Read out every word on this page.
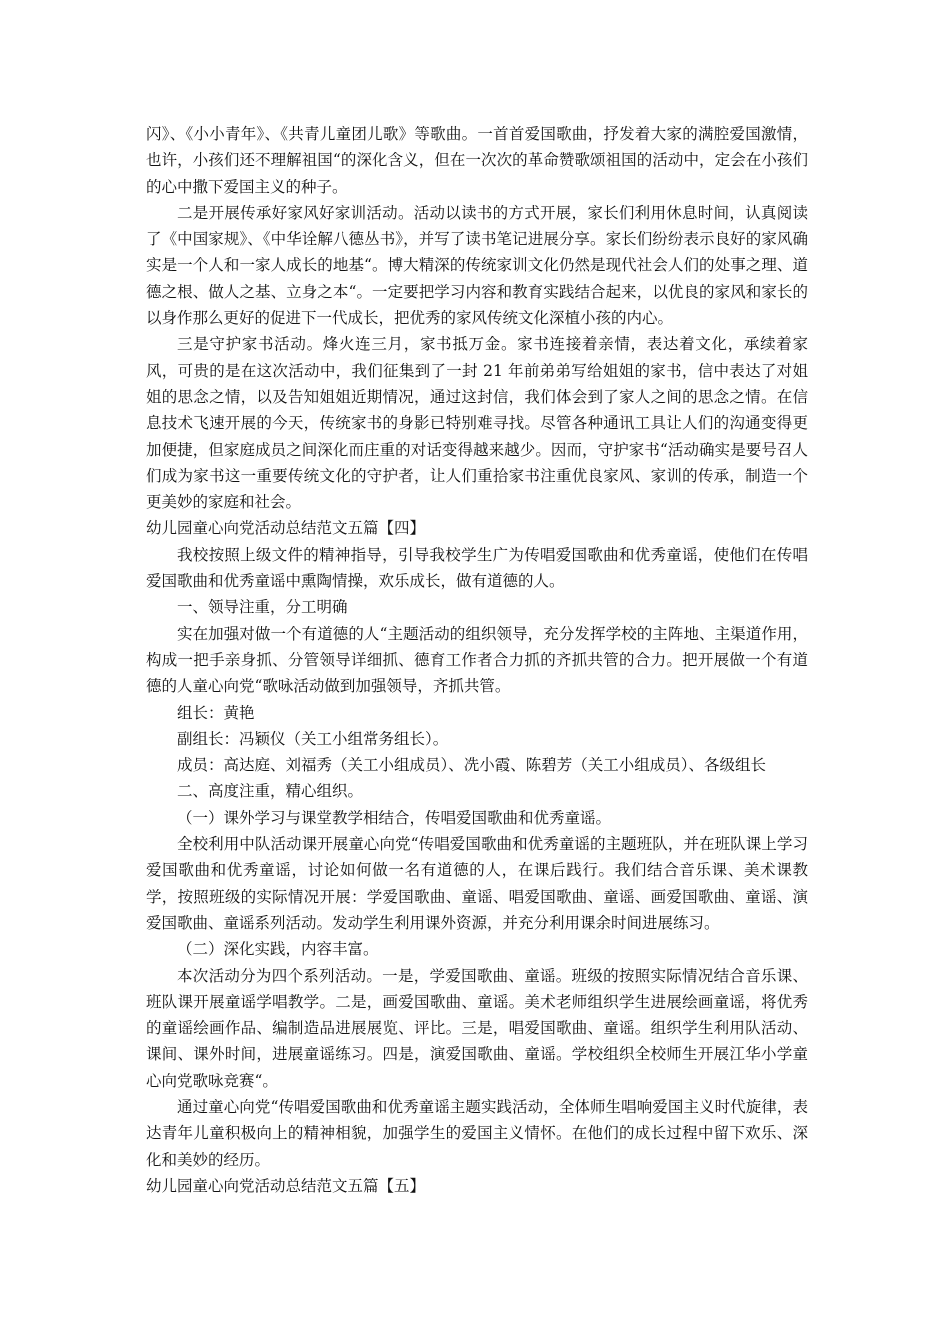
闪》、《小小青年》、《共青儿童团儿歌》等歌曲。一首首爱国歌曲，抒发着大家的满腔爱国激情，也许，小孩们还不理解祖国“的深化含义，但在一次次的革命赞歌颂祖国的活动中，定会在小孩们的心中撒下爱国主义的种子。

二是开展传承好家风好家训活动。活动以读书的方式开展，家长们利用休息时间，认真阅读了《中国家规》、《中华诠解八德丛书》，并写了读书笔记进展分享。家长们纷纷表示良好的家风确实是一个人和一家人成长的地基“。博大精深的传统家训文化仍然是现代社会人们的处事之理、道德之根、做人之基、立身之本“。一定要把学习内容和教育实践结合起来，以优良的家风和家长的以身作那么更好的促进下一代成长，把优秀的家风传统文化深植小孩的内心。

三是守护家书活动。烽火连三月，家书抵万金。家书连接着亲情，表达着文化，承续着家风，可贵的是在这次活动中，我们征集到了一封 21 年前弟弟写给姐姐的家书，信中表达了对姐姐的思念之情，以及告知姐姐近期情况，通过这封信，我们体会到了家人之间的思念之情。在信息技术飞速开展的今天，传统家书的身影已特别难寻找。尽管各种通讯工具让人们的沟通变得更加便捷，但家庭成员之间深化而庄重的对话变得越来越少。因而，守护家书“活动确实是要号召人们成为家书这一重要传统文化的守护者，让人们重拾家书注重优良家风、家训的传承，制造一个更美妙的家庭和社会。

幼儿园童心向党活动总结范文五篇【四】

我校按照上级文件的精神指导，引导我校学生广为传唱爱国歌曲和优秀童谣，使他们在传唱爱国歌曲和优秀童谣中熏陶情操，欢乐成长，做有道德的人。

一、领导注重，分工明确

实在加强对做一个有道德的人“主题活动的组织领导，充分发挥学校的主阵地、主渠道作用，构成一把手亲身抓、分管领导详细抓、德育工作者合力抓的齐抓共管的合力。把开展做一个有道德的人童心向党“歌咏活动做到加强领导，齐抓共管。

组长：黄艳

副组长：冯颖仪（关工小组常务组长）。

成员：高达庭、刘福秀（关工小组成员）、冼小霞、陈碧芳（关工小组成员）、各级组长

二、高度注重，精心组织。

（一）课外学习与课堂教学相结合，传唱爱国歌曲和优秀童谣。

全校利用中队活动课开展童心向党“传唱爱国歌曲和优秀童谣的主题班队，并在班队课上学习爱国歌曲和优秀童谣，讨论如何做一名有道德的人，在课后践行。我们结合音乐课、美术课教学，按照班级的实际情况开展：学爱国歌曲、童谣、唱爱国歌曲、童谣、画爱国歌曲、童谣、演爱国歌曲、童谣系列活动。发动学生利用课外资源，并充分利用课余时间进展练习。

（二）深化实践，内容丰富。

本次活动分为四个系列活动。一是，学爱国歌曲、童谣。班级的按照实际情况结合音乐课、班队课开展童谣学唱教学。二是，画爱国歌曲、童谣。美术老师组织学生进展绘画童谣，将优秀的童谣绘画作品、编制造品进展展览、评比。三是，唱爱国歌曲、童谣。组织学生利用队活动、课间、课外时间，进展童谣练习。四是，演爱国歌曲、童谣。学校组织全校师生开展江华小学童心向党歌咏竞赛“。

通过童心向党“传唱爱国歌曲和优秀童谣主题实践活动，全体师生唱响爱国主义时代旋律，表达青年儿童积极向上的精神相貌，加强学生的爱国主义情怀。在他们的成长过程中留下欢乐、深化和美妙的经历。

幼儿园童心向党活动总结范文五篇【五】
